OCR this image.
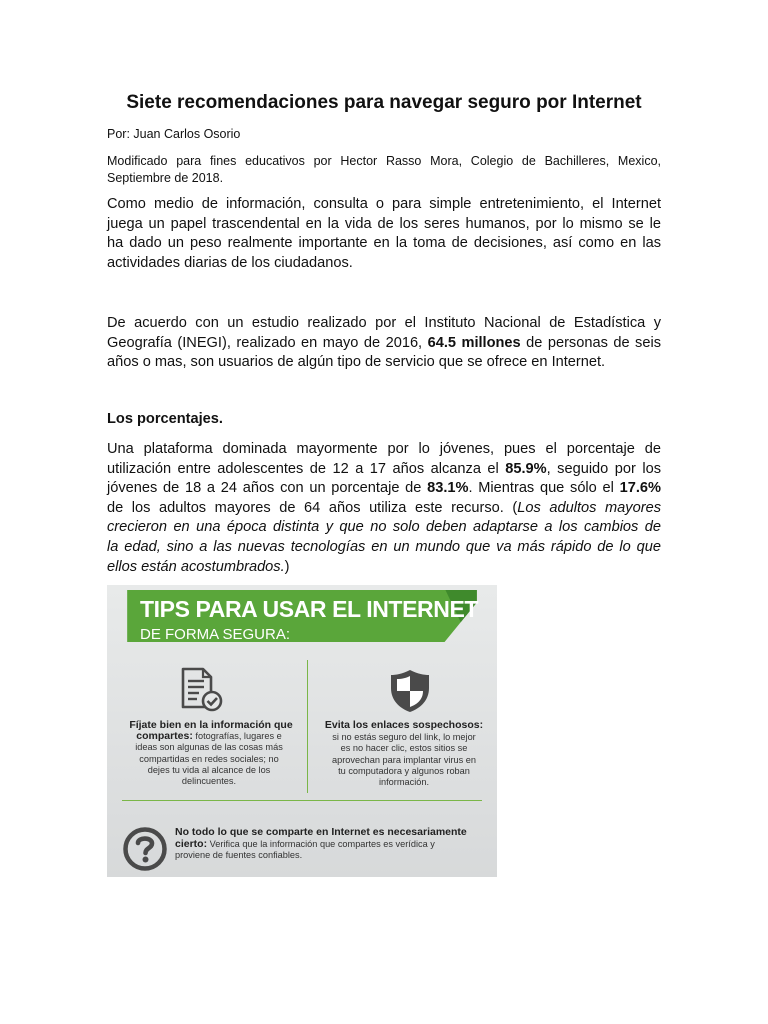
Siete recomendaciones para navegar seguro por Internet
Por: Juan Carlos Osorio
Modificado para fines educativos por Hector Rasso Mora, Colegio de Bachilleres, Mexico,
Septiembre de 2018.
Como medio de información, consulta o para simple entretenimiento, el Internet
juega un papel trascendental en la vida de los seres humanos, por lo mismo se le
ha dado un peso realmente importante en la toma de decisiones, así como en las
actividades diarias de los ciudadanos.
De acuerdo con un estudio realizado por el Instituto Nacional de Estadística y
Geografía (INEGI), realizado en mayo de 2016, 64.5 millones de personas de seis
años o mas, son usuarios de algún tipo de servicio que se ofrece en Internet.
Los porcentajes.
Una plataforma dominada mayormente por lo jóvenes, pues el porcentaje de
utilización entre adolescentes de 12 a 17 años alcanza el 85.9%, seguido por los
jóvenes de 18 a 24 años con un porcentaje de 83.1%. Mientras que sólo el 17.6%
de los adultos mayores de 64 años utiliza este recurso. (Los adultos mayores
crecieron en una época distinta y que no solo deben adaptarse a los cambios de
la edad, sino a las nuevas tecnologías en un mundo que va más rápido de lo que
ellos están acostumbrados.)
TIPS PARA USAR EL INTERNET
DE FORMA SEGURA:
Fíjate bien en la información que
compartes: fotografías, lugares e
ideas son algunas de las cosas más
compartidas en redes sociales; no
dejes tu vida al alcance de los
delincuentes.
Evita los enlaces sospechosos:
si no estás seguro del link, lo mejor
es no hacer clic, estos sitios se
aprovechan para implantar virus en
tu computadora y algunos roban
información.
No todo lo que se comparte en Internet es necesariamente
cierto: Verifica que la información que compartes es verídica y
proviene de fuentes confiables.
